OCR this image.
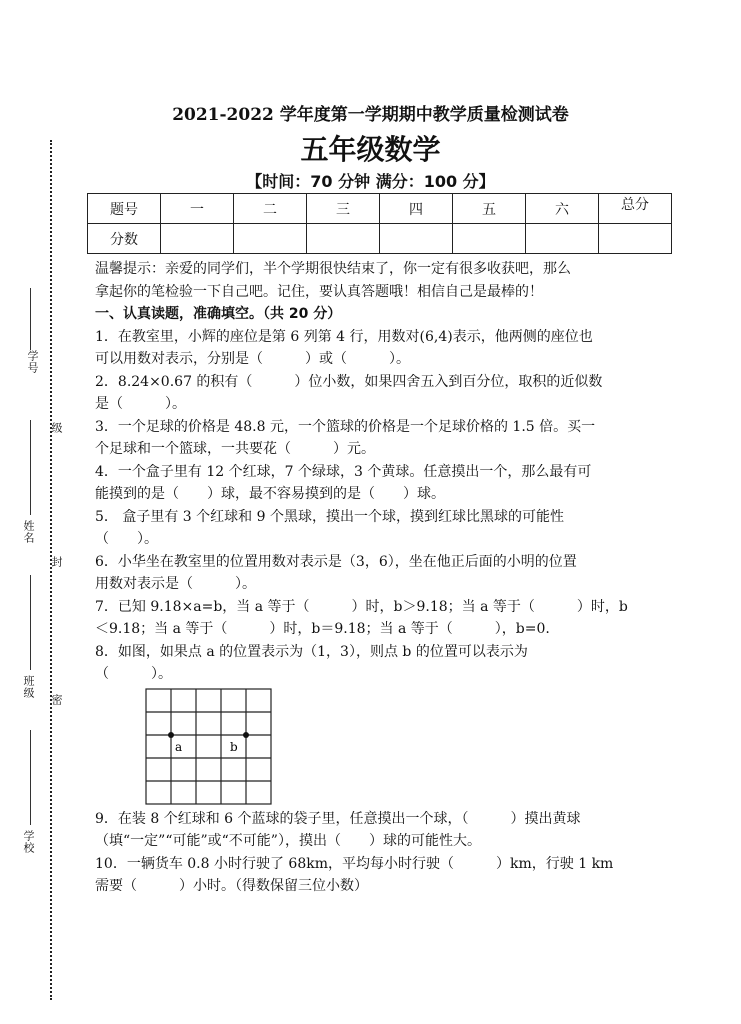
学号
级
姓名
封
班级
密
学校
2021-2022 学年度第一学期期中教学质量检测试卷
五年级数学
【时间：70 分钟 满分：100 分】
题号	一	二	三	四	五	六	总分
分数							

温馨提示：亲爱的同学们，半个学期很快结束了，你一定有很多收获吧，那么

拿起你的笔检验一下自己吧。记住，要认真答题哦！相信自己是最棒的！

一、认真读题，准确填空。（共 20 分）

1．在教室里，小辉的座位是第 6 列第 4 行，用数对(6,4)表示，他两侧的座位也

可以用数对表示，分别是（　　　）或（　　　）。

2．8.24×0.67 的积有（　　　）位小数，如果四舍五入到百分位，取积的近似数

是（　　　）。

3．一个足球的价格是 48.8 元，一个篮球的价格是一个足球价格的 1.5 倍。买一

个足球和一个篮球，一共要花（　　　）元。

4．一个盒子里有 12 个红球，7 个绿球，3 个黄球。任意摸出一个，那么最有可

能摸到的是（　　）球，最不容易摸到的是（　　）球。

5． 盒子里有 3 个红球和 9 个黑球，摸出一个球，摸到红球比黑球的可能性

（　　）。

6．小华坐在教室里的位置用数对表示是（3，6），坐在他正后面的小明的位置

用数对表示是（　　　）。

7．已知 9.18×a=b，当 a 等于（　　　）时，b＞9.18；当 a 等于（　　　）时，b

＜9.18；当 a 等于（　　　）时，b＝9.18；当 a 等于（　　　），b=0.

8．如图，如果点 a 的位置表示为（1，3），则点 b 的位置可以表示为

（　　　）。

a	b

9．在装 8 个红球和 6 个蓝球的袋子里，任意摸出一个球，（　　　）摸出黄球

（填“一定”“可能”或“不可能”），摸出（　　）球的可能性大。

10．一辆货车 0.8 小时行驶了 68km，平均每小时行驶（　　　）km，行驶 1 km

需要（　　　）小时。（得数保留三位小数）
